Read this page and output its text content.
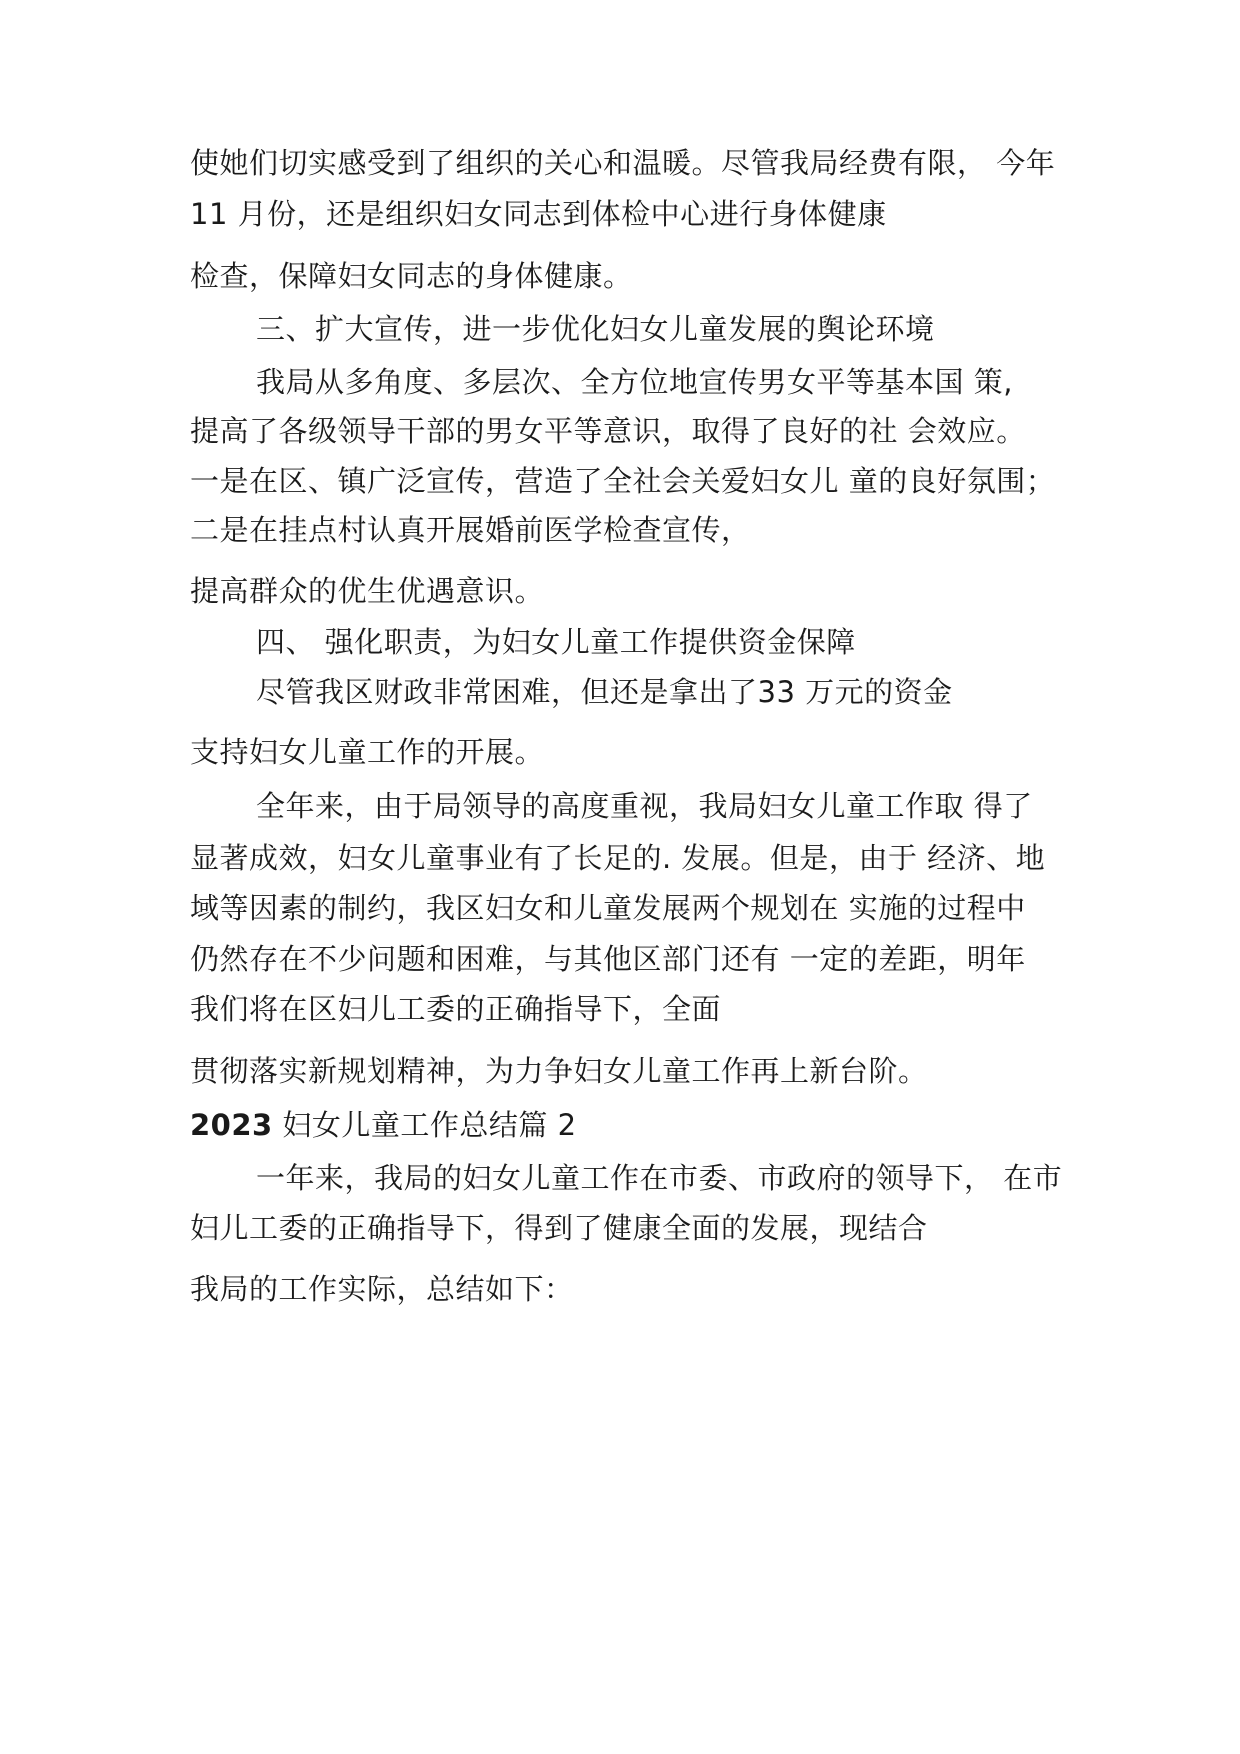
使她们切实感受到了组织的关心和温暖。尽管我局经费有限， 今年
11 月份，还是组织妇女同志到体检中心进行身体健康
检查，保障妇女同志的身体健康。
三、扩大宣传，进一步优化妇女儿童发展的舆论环境
我局从多角度、多层次、全方位地宣传男女平等基本国 策,
提高了各级领导干部的男女平等意识，取得了良好的社 会效应。
一是在区、镇广泛宣传，营造了全社会关爱妇女儿 童的良好氛围；
二是在挂点村认真开展婚前医学检查宣传，
提高群众的优生优遇意识。
四、 强化职责，为妇女儿童工作提供资金保障
尽管我区财政非常困难，但还是拿出了33 万元的资金
支持妇女儿童工作的开展。
全年来，由于局领导的高度重视，我局妇女儿童工作取 得了
显著成效，妇女儿童事业有了长足的. 发展。但是，由于 经济、地
域等因素的制约，我区妇女和儿童发展两个规划在 实施的过程中
仍然存在不少问题和困难，与其他区部门还有 一定的差距，明年
我们将在区妇儿工委的正确指导下，全面
贯彻落实新规划精神，为力争妇女儿童工作再上新台阶。
2023 妇女儿童工作总结篇 2
一年来，我局的妇女儿童工作在市委、市政府的领导下， 在市
妇儿工委的正确指导下，得到了健康全面的发展，现结合
我局的工作实际，总结如下：
